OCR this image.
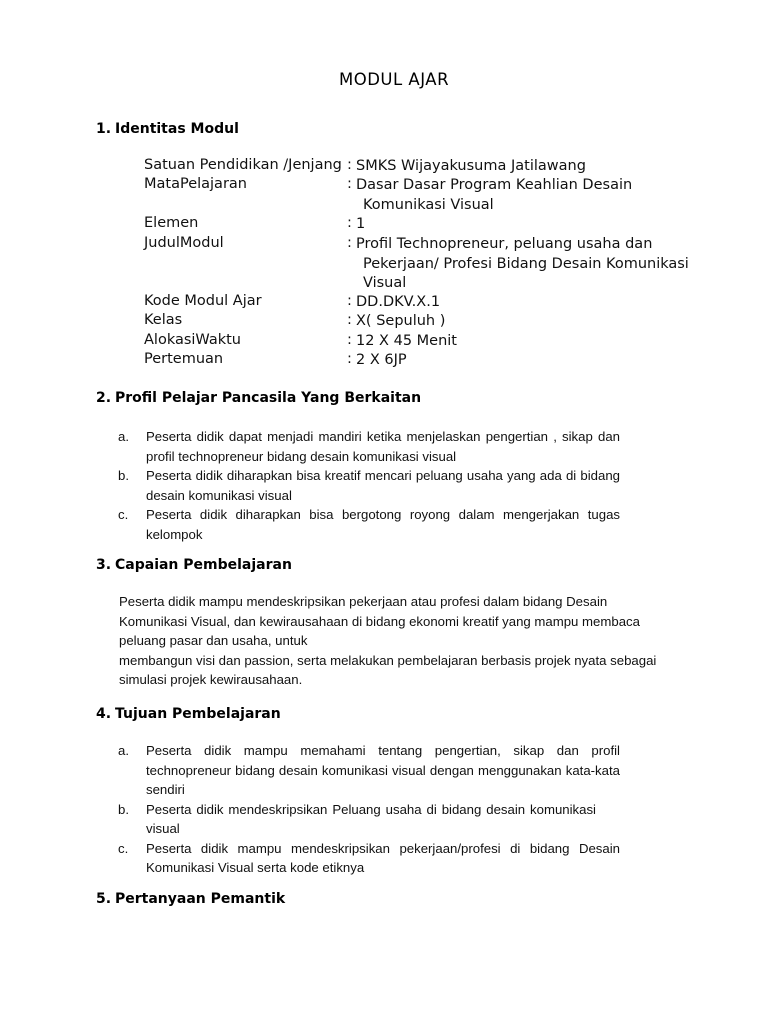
MODUL AJAR
1. Identitas Modul
Satuan Pendidikan /Jenjang : SMKS Wijayakusuma Jatilawang
MataPelajaran	: Dasar Dasar Program Keahlian Desain
Komunikasi Visual
Elemen	: 1
JudulModul	: Profil Technopreneur, peluang usaha dan
Pekerjaan/ Profesi Bidang Desain Komunikasi
Visual
Kode Modul Ajar	: DD.DKV.X.1
Kelas	: X( Sepuluh )
AlokasiWaktu	: 12 X 45 Menit
Pertemuan	: 2 X 6JP
2. Profil Pelajar Pancasila Yang Berkaitan
a. Peserta didik dapat menjadi mandiri ketika menjelaskan pengertian , sikap dan profil technopreneur bidang desain komunikasi visual
b. Peserta didik diharapkan bisa kreatif mencari peluang usaha yang ada di bidang desain komunikasi visual
c. Peserta didik diharapkan bisa bergotong royong dalam mengerjakan tugas kelompok
3. Capaian Pembelajaran
Peserta didik mampu mendeskripsikan pekerjaan atau profesi dalam bidang Desain
Komunikasi Visual, dan kewirausahaan di bidang ekonomi kreatif yang mampu membaca
peluang pasar dan usaha, untuk
membangun visi dan passion, serta melakukan pembelajaran berbasis projek nyata sebagai
simulasi projek kewirausahaan.
4. Tujuan Pembelajaran
a. Peserta didik mampu memahami tentang pengertian, sikap dan profil technopreneur bidang desain komunikasi visual dengan menggunakan kata-kata sendiri
b. Peserta didik mendeskripsikan Peluang usaha di bidang desain komunikasi visual
c. Peserta didik mampu mendeskripsikan pekerjaan/profesi di bidang Desain Komunikasi Visual serta kode etiknya
5. Pertanyaan Pemantik
